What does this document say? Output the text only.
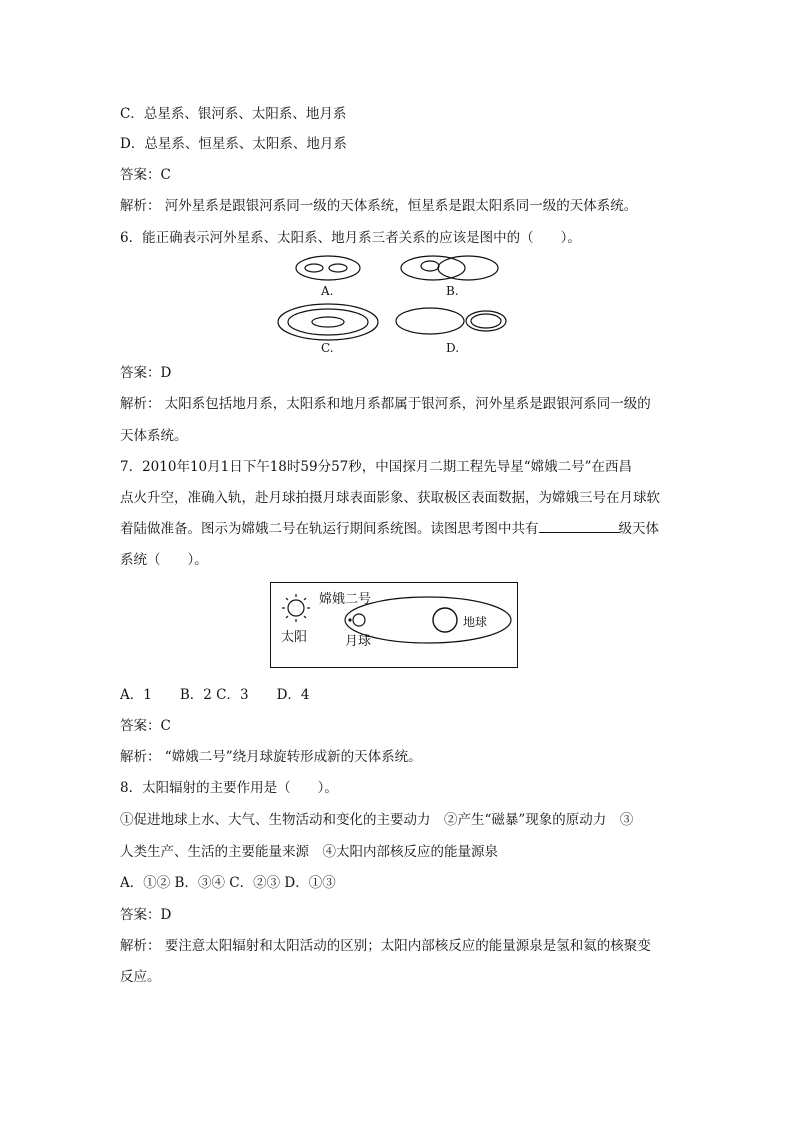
C．总星系、银河系、太阳系、地月系
D．总星系、恒星系、太阳系、地月系
答案：C
解析： 河外星系是跟银河系同一级的天体系统，恒星系是跟太阳系同一级的天体系统。
6．能正确表示河外星系、太阳系、地月系三者关系的应该是图中的（　　）。
A.	B.
C.	D.
答案：D
解析： 太阳系包括地月系，太阳系和地月系都属于银河系，河外星系是跟银河系同一级的
天体系统。
7．2010年10月1日下午18时59分57秒，中国探月二期工程先导星“嫦娥二号”在西昌
点火升空，准确入轨，赴月球拍摄月球表面影象、获取极区表面数据，为嫦娥三号在月球软
着陆做准备。图示为嫦娥二号在轨运行期间系统图。读图思考图中共有	级天体
系统（　　）。
嫦娥二号
太阳	月球
地球
A．1 B．2 C．3 D．4
答案：C
解析： “嫦娥二号”绕月球旋转形成新的天体系统。
8．太阳辐射的主要作用是（　　）。
①促进地球上水、大气、生物活动和变化的主要动力　②产生“磁暴”现象的原动力　③
人类生产、生活的主要能量来源　④太阳内部核反应的能量源泉
A．①② B．③④ C．②③ D．①③
答案：D
解析： 要注意太阳辐射和太阳活动的区别；太阳内部核反应的能量源泉是氢和氦的核聚变
反应。
